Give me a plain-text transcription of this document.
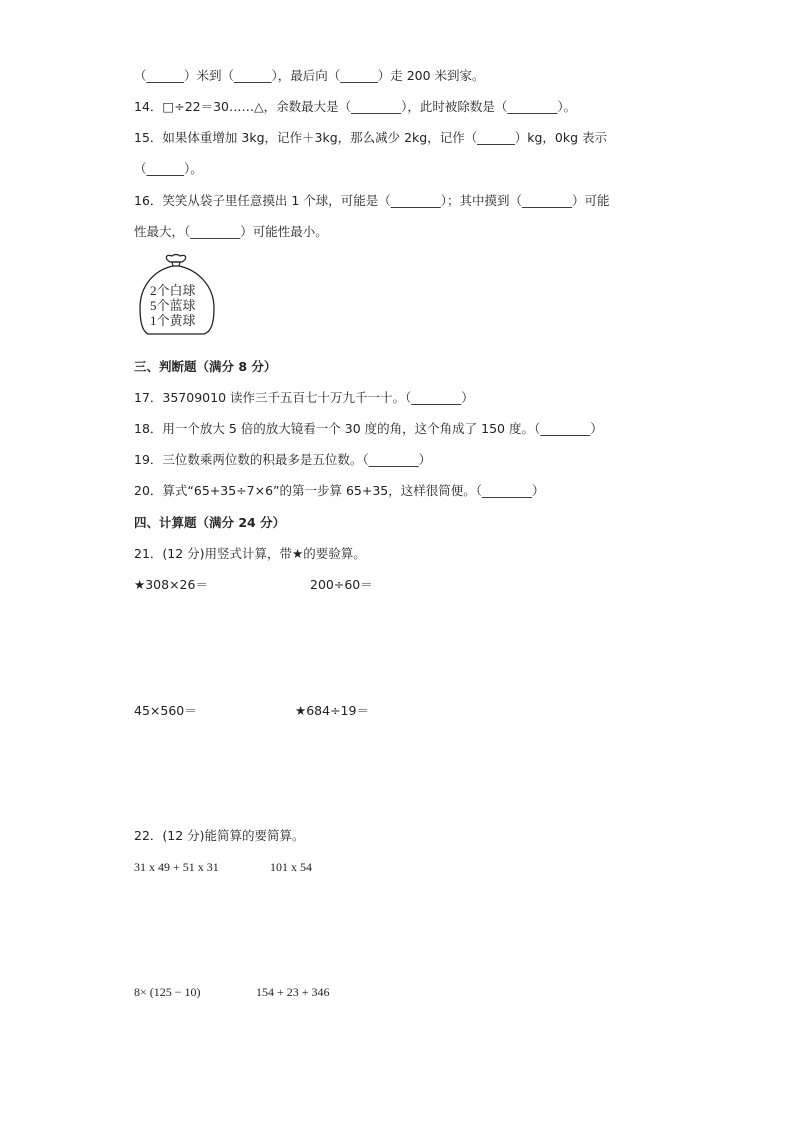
（______）米到（______），最后向（______）走 200 米到家。
14．□÷22＝30……△，余数最大是（________），此时被除数是（________）。
15．如果体重增加 3kg，记作＋3kg，那么减少 2kg，记作（______）kg，0kg 表示
（______）。
16．笑笑从袋子里任意摸出 1 个球，可能是（________）；其中摸到（________）可能
性最大，（________）可能性最小。
2个白球
5个蓝球
1个黄球
三、判断题（满分 8 分）
17．35709010 读作三千五百七十万九千一十。（________）
18．用一个放大 5 倍的放大镜看一个 30 度的角，这个角成了 150 度。（________）
19．三位数乘两位数的积最多是五位数。（________）
20．算式“65+35÷7×6”的第一步算 65+35，这样很简便。（________）
四、计算题（满分 24 分）
21．(12 分)用竖式计算，带★的要验算。
★308×26＝	200÷60＝
45×560＝	★684÷19＝
22．(12 分)能简算的要简算。
31 x 49 + 51 x 31	101 x 54
8× (125 − 10)	154 + 23 + 346
